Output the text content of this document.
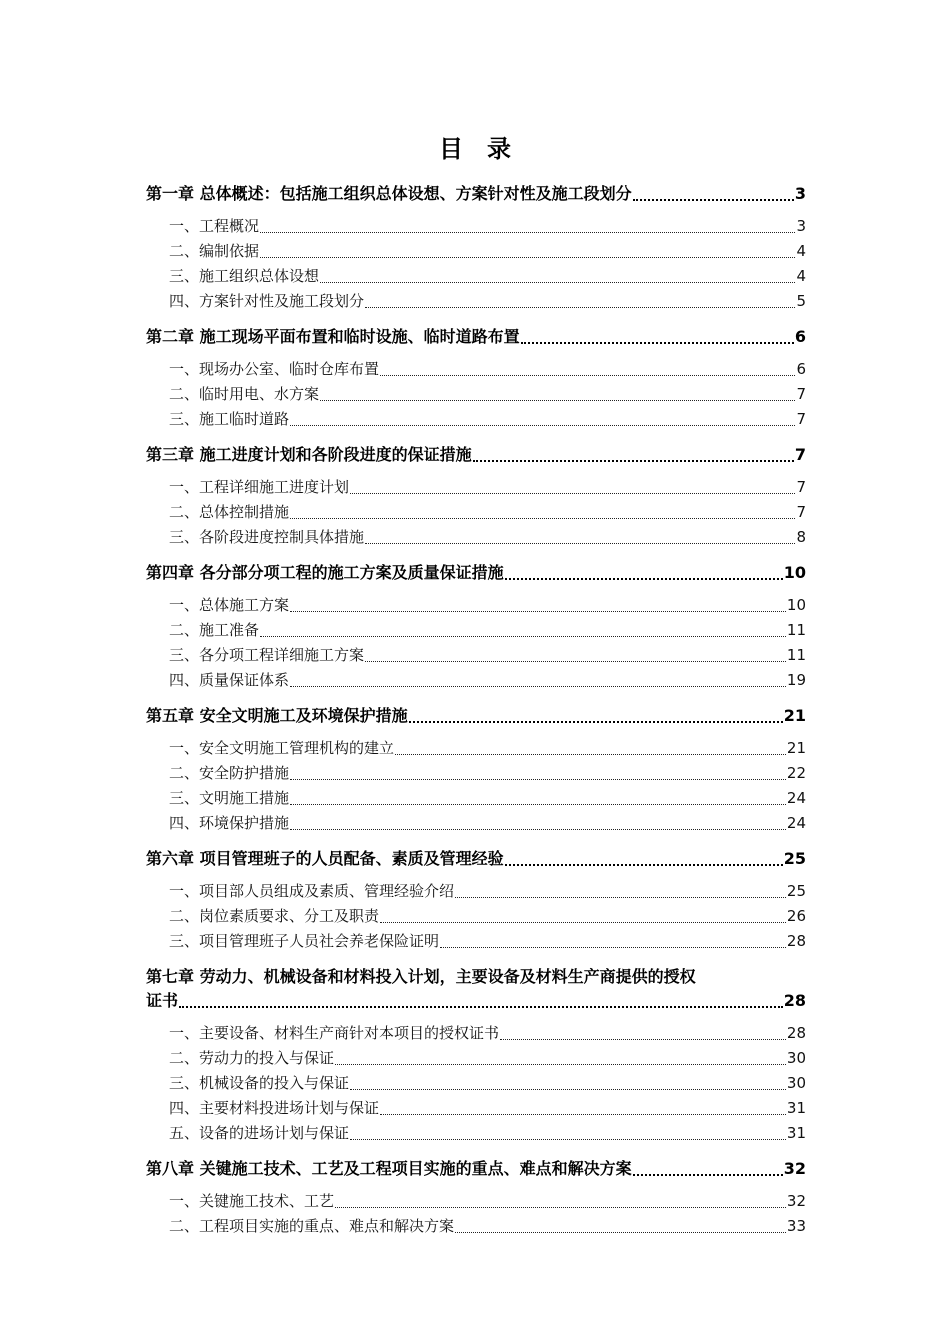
目　录
第一章 总体概述：包括施工组织总体设想、方案针对性及施工段划分	3
一、工程概况	3
二、编制依据	4
三、施工组织总体设想	4
四、方案针对性及施工段划分	5
第二章 施工现场平面布置和临时设施、临时道路布置	6
一、现场办公室、临时仓库布置	6
二、临时用电、水方案	7
三、施工临时道路	7
第三章 施工进度计划和各阶段进度的保证措施	7
一、工程详细施工进度计划	7
二、总体控制措施	7
三、各阶段进度控制具体措施	8
第四章 各分部分项工程的施工方案及质量保证措施	10
一、总体施工方案	10
二、施工准备	11
三、各分项工程详细施工方案	11
四、质量保证体系	19
第五章 安全文明施工及环境保护措施	21
一、安全文明施工管理机构的建立	21
二、安全防护措施	22
三、文明施工措施	24
四、环境保护措施	24
第六章 项目管理班子的人员配备、素质及管理经验	25
一、项目部人员组成及素质、管理经验介绍	25
二、岗位素质要求、分工及职责	26
三、项目管理班子人员社会养老保险证明	28
第七章 劳动力、机械设备和材料投入计划，主要设备及材料生产商提供的授权
证书	28
一、主要设备、材料生产商针对本项目的授权证书	28
二、劳动力的投入与保证	30
三、机械设备的投入与保证	30
四、主要材料投进场计划与保证	31
五、设备的进场计划与保证	31
第八章 关键施工技术、工艺及工程项目实施的重点、难点和解决方案	32
一、关键施工技术、工艺	32
二、工程项目实施的重点、难点和解决方案	33
